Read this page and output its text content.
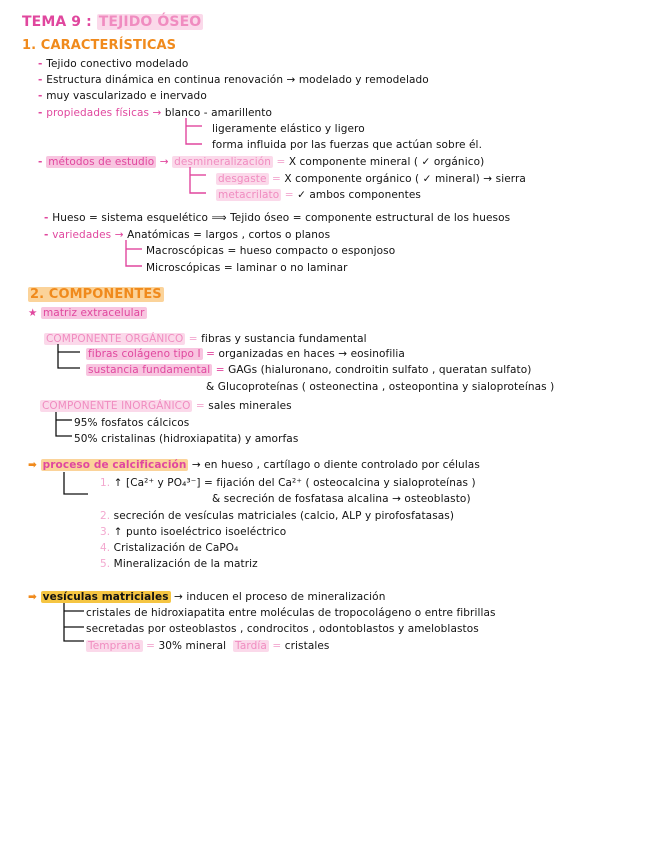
TEMA 9 : TEJIDO ÓSEO
1. CARACTERÍSTICAS
- Tejido conectivo modelado
- Estructura dinámica en continua renovación → modelado y remodelado
- muy vascularizado e inervado
- propiedades físicas → blanco - amarillento
ligeramente elástico y ligero
forma influida por las fuerzas que actúan sobre él.
- métodos de estudio → desmineralización = X componente mineral ( ✓ orgánico)
desgaste = X componente orgánico ( ✓ mineral) → sierra
metacrilato = ✓ ambos componentes
- Hueso = sistema esquelético ⟹ Tejido óseo = componente estructural de los huesos
- variedades → Anatómicas = largos , cortos o planos
Macroscópicas = hueso compacto o esponjoso
Microscópicas = laminar o no laminar
2. COMPONENTES
★ matriz extracelular
COMPONENTE ORGÁNICO = fibras y sustancia fundamental
fibras colágeno tipo I = organizadas en haces → eosinofilia
sustancia fundamental = GAGs (hialuronano, condroitin sulfato , queratan sulfato)
& Glucoproteínas ( osteonectina , osteopontina y sialoproteínas )
COMPONENTE INORGÁNICO = sales minerales
95% fosfatos cálcicos
50% cristalinas (hidroxiapatita) y amorfas
➡ proceso de calcificación → en hueso , cartílago o diente controlado por células
1. ↑ [Ca²⁺ y PO₄³⁻] = fijación del Ca²⁺ ( osteocalcina y sialoproteínas )
& secreción de fosfatasa alcalina → osteoblasto)
2. secreción de vesículas matriciales (calcio, ALP y pirofosfatasas)
3. ↑ punto isoeléctrico isoeléctrico
4. Cristalización de CaPO₄
5. Mineralización de la matriz
➡ vesículas matriciales → inducen el proceso de mineralización
cristales de hidroxiapatita entre moléculas de tropocolágeno o entre fibrillas
secretadas por osteoblastos , condrocitos , odontoblastos y ameloblastos
Temprana = 30% mineral Tardía = cristales
